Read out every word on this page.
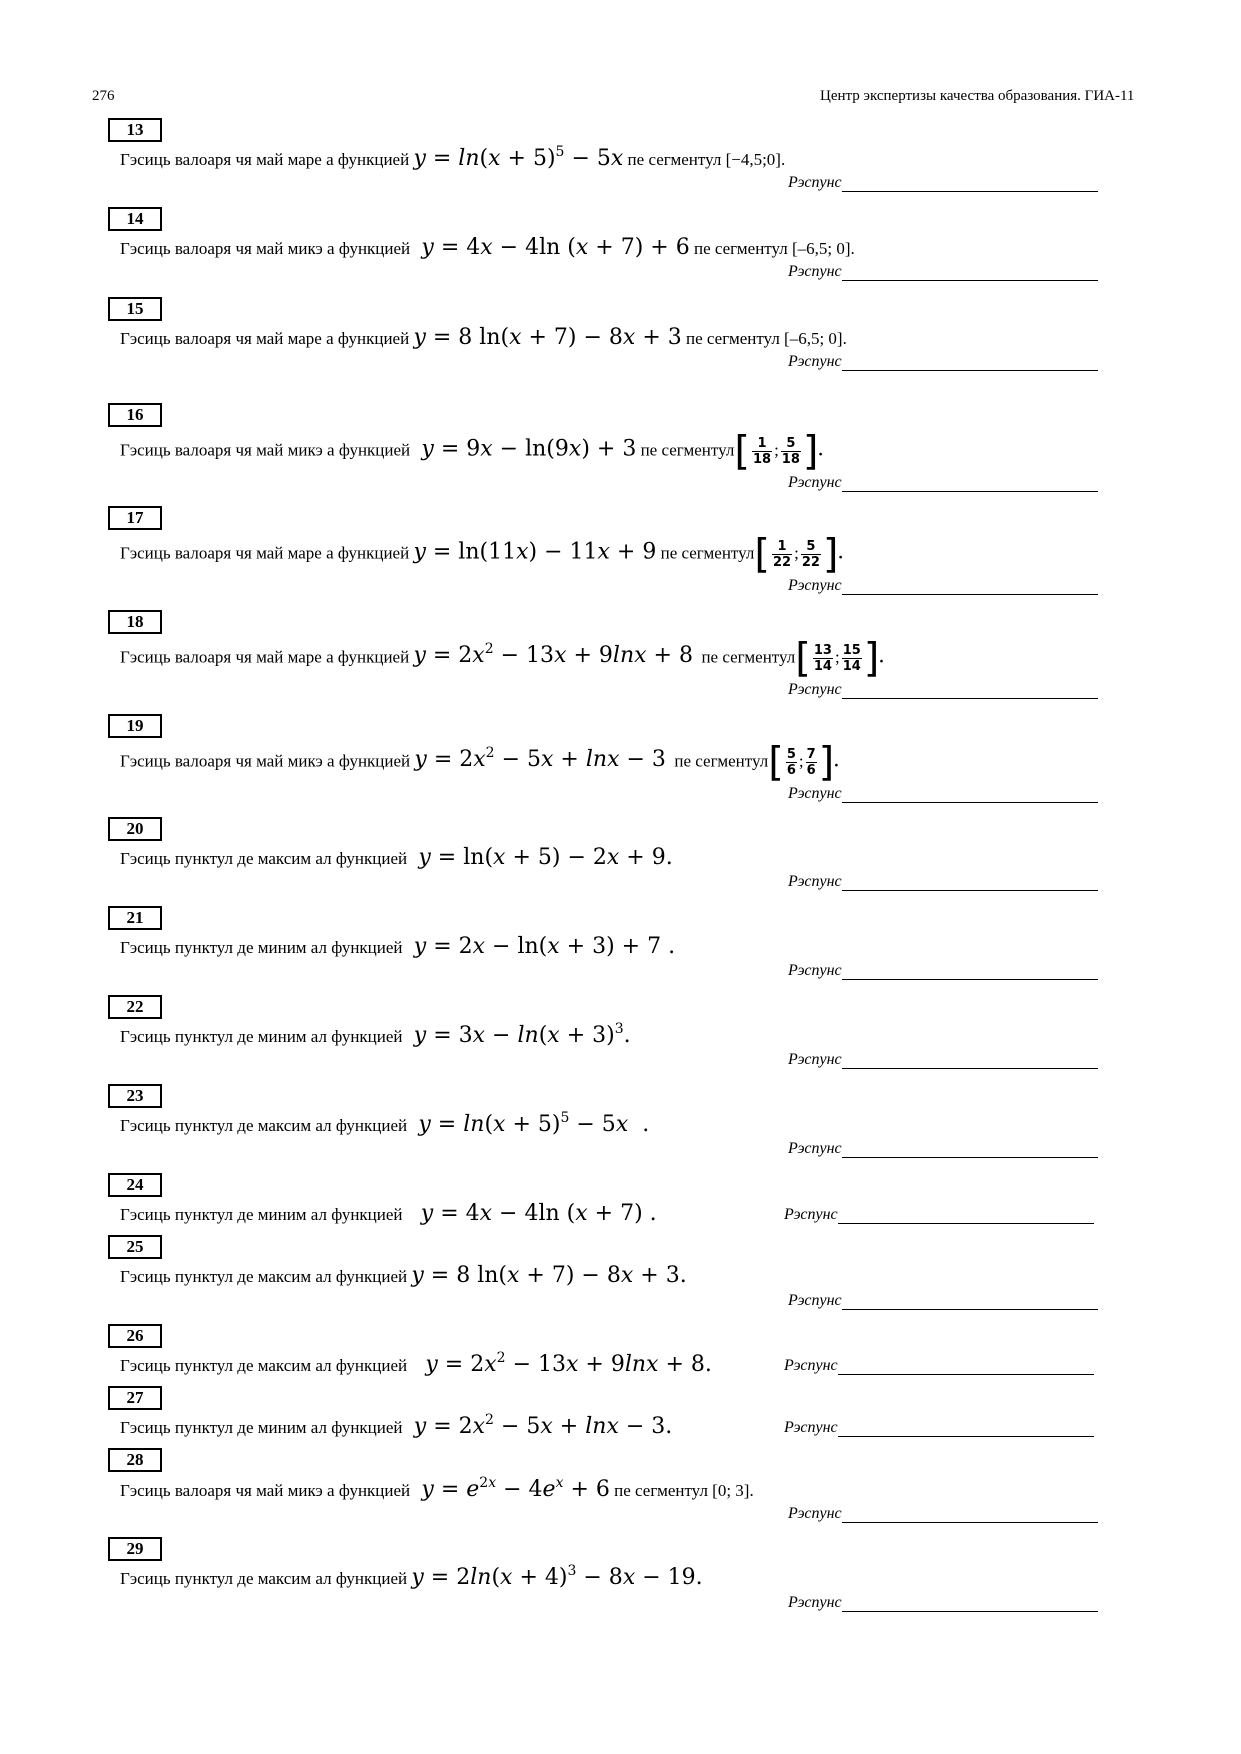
276	Центр экспертизы качества образования. ГИА-11
13
Гэсиць валоаря чя май маре а функцией $y = \ln(x + 5)^5 - 5x$ пе сегментул [−4,5;0].
Рэспунс
14
Гэсиць валоаря чя май микэ а функцией y = 4x − 4ln (x + 7) + 6 пе сегментул [–6,5; 0].
Рэспунс
15
Гэсиць валоаря чя май маре а функцией y = 8 ln(x + 7) − 8x + 3 пе сегментул [–6,5; 0].
Рэспунс
16
Гэсиць валоаря чя май микэ а функцией y = 9x − ln(9x) + 3 пе сегментул[ $\frac{1}{18}$ ; $\frac{5}{18}$ ].
Рэспунс
17
Гэсиць валоаря чя май маре а функцией y = ln(11x) − 11x + 9 пе сегментул[ $\frac{1}{22}$ ; $\frac{5}{22}$ ].
Рэспунс
18
Гэсиць валоаря чя май маре а функцией $y = 2x^2 - 13x + 9\ln x + 8$ пе сегментул[ $\frac{13}{14}$ ; $\frac{15}{14}$ ].
Рэспунс
19
Гэсиць валоаря чя май микэ а функцией $y = 2x^2 - 5x + \ln x - 3$ пе сегментул[ $\frac{5}{6}$ ; $\frac{7}{6}$ ].
Рэспунс
20
Гэсиць пунктул де максим ал функцией y = ln(x + 5) − 2x + 9.
Рэспунс
21
Гэсиць пунктул де миним ал функцией y = 2x − ln(x + 3) + 7 .
Рэспунс
22
Гэсиць пунктул де миним ал функцией $y = 3x - \ln(x + 3)^3$.
Рэспунс
23
Гэсиць пунктул де максим ал функцией $y = \ln(x + 5)^5 - 5x$  .
Рэспунс
24
Гэсиць пунктул де миним ал функцией y = 4x − 4ln (x + 7) .	Рэспунс
25
Гэсиць пунктул де максим ал функцией y = 8 ln(x + 7) − 8x + 3.
Рэспунс
26
Гэсиць пунктул де максим ал функцией $y = 2x^2 - 13x + 9\ln x + 8$.	Рэспунс
27
Гэсиць пунктул де миним ал функцией $y = 2x^2 - 5x + \ln x - 3$.	Рэспунс
28
Гэсиць валоаря чя май микэ а функцией $y = e^{2x} - 4e^x + 6$ пе сегментул [0; 3].
Рэспунс
29
Гэсиць пунктул де максим ал функцией $y = 2\ln(x + 4)^3 - 8x - 19$.
Рэспунс
